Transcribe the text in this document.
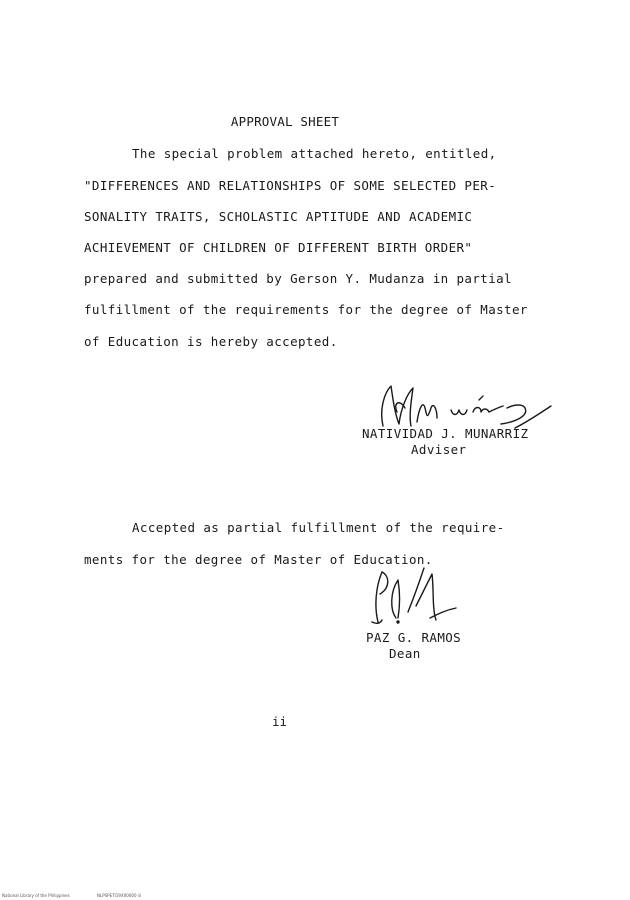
APPROVAL SHEET
The special problem attached hereto, entitled,
"DIFFERENCES AND RELATIONSHIPS OF SOME SELECTED PER-
SONALITY TRAITS, SCHOLASTIC APTITUDE AND ACADEMIC
ACHIEVEMENT OF CHILDREN OF DIFFERENT BIRTH ORDER"
prepared and submitted by Gerson Y. Mudanza in partial
fulfillment of the requirements for the degree of Master
of Education is hereby accepted.
NATIVIDAD J. MUNARRIZ
Adviser
Accepted as partial fulfillment of the require-
ments for the degree of Master of Education.
PAZ G. RAMOS
Dean
ii
National Library of the Philippines	NLPSPETI19XX0000 iii
